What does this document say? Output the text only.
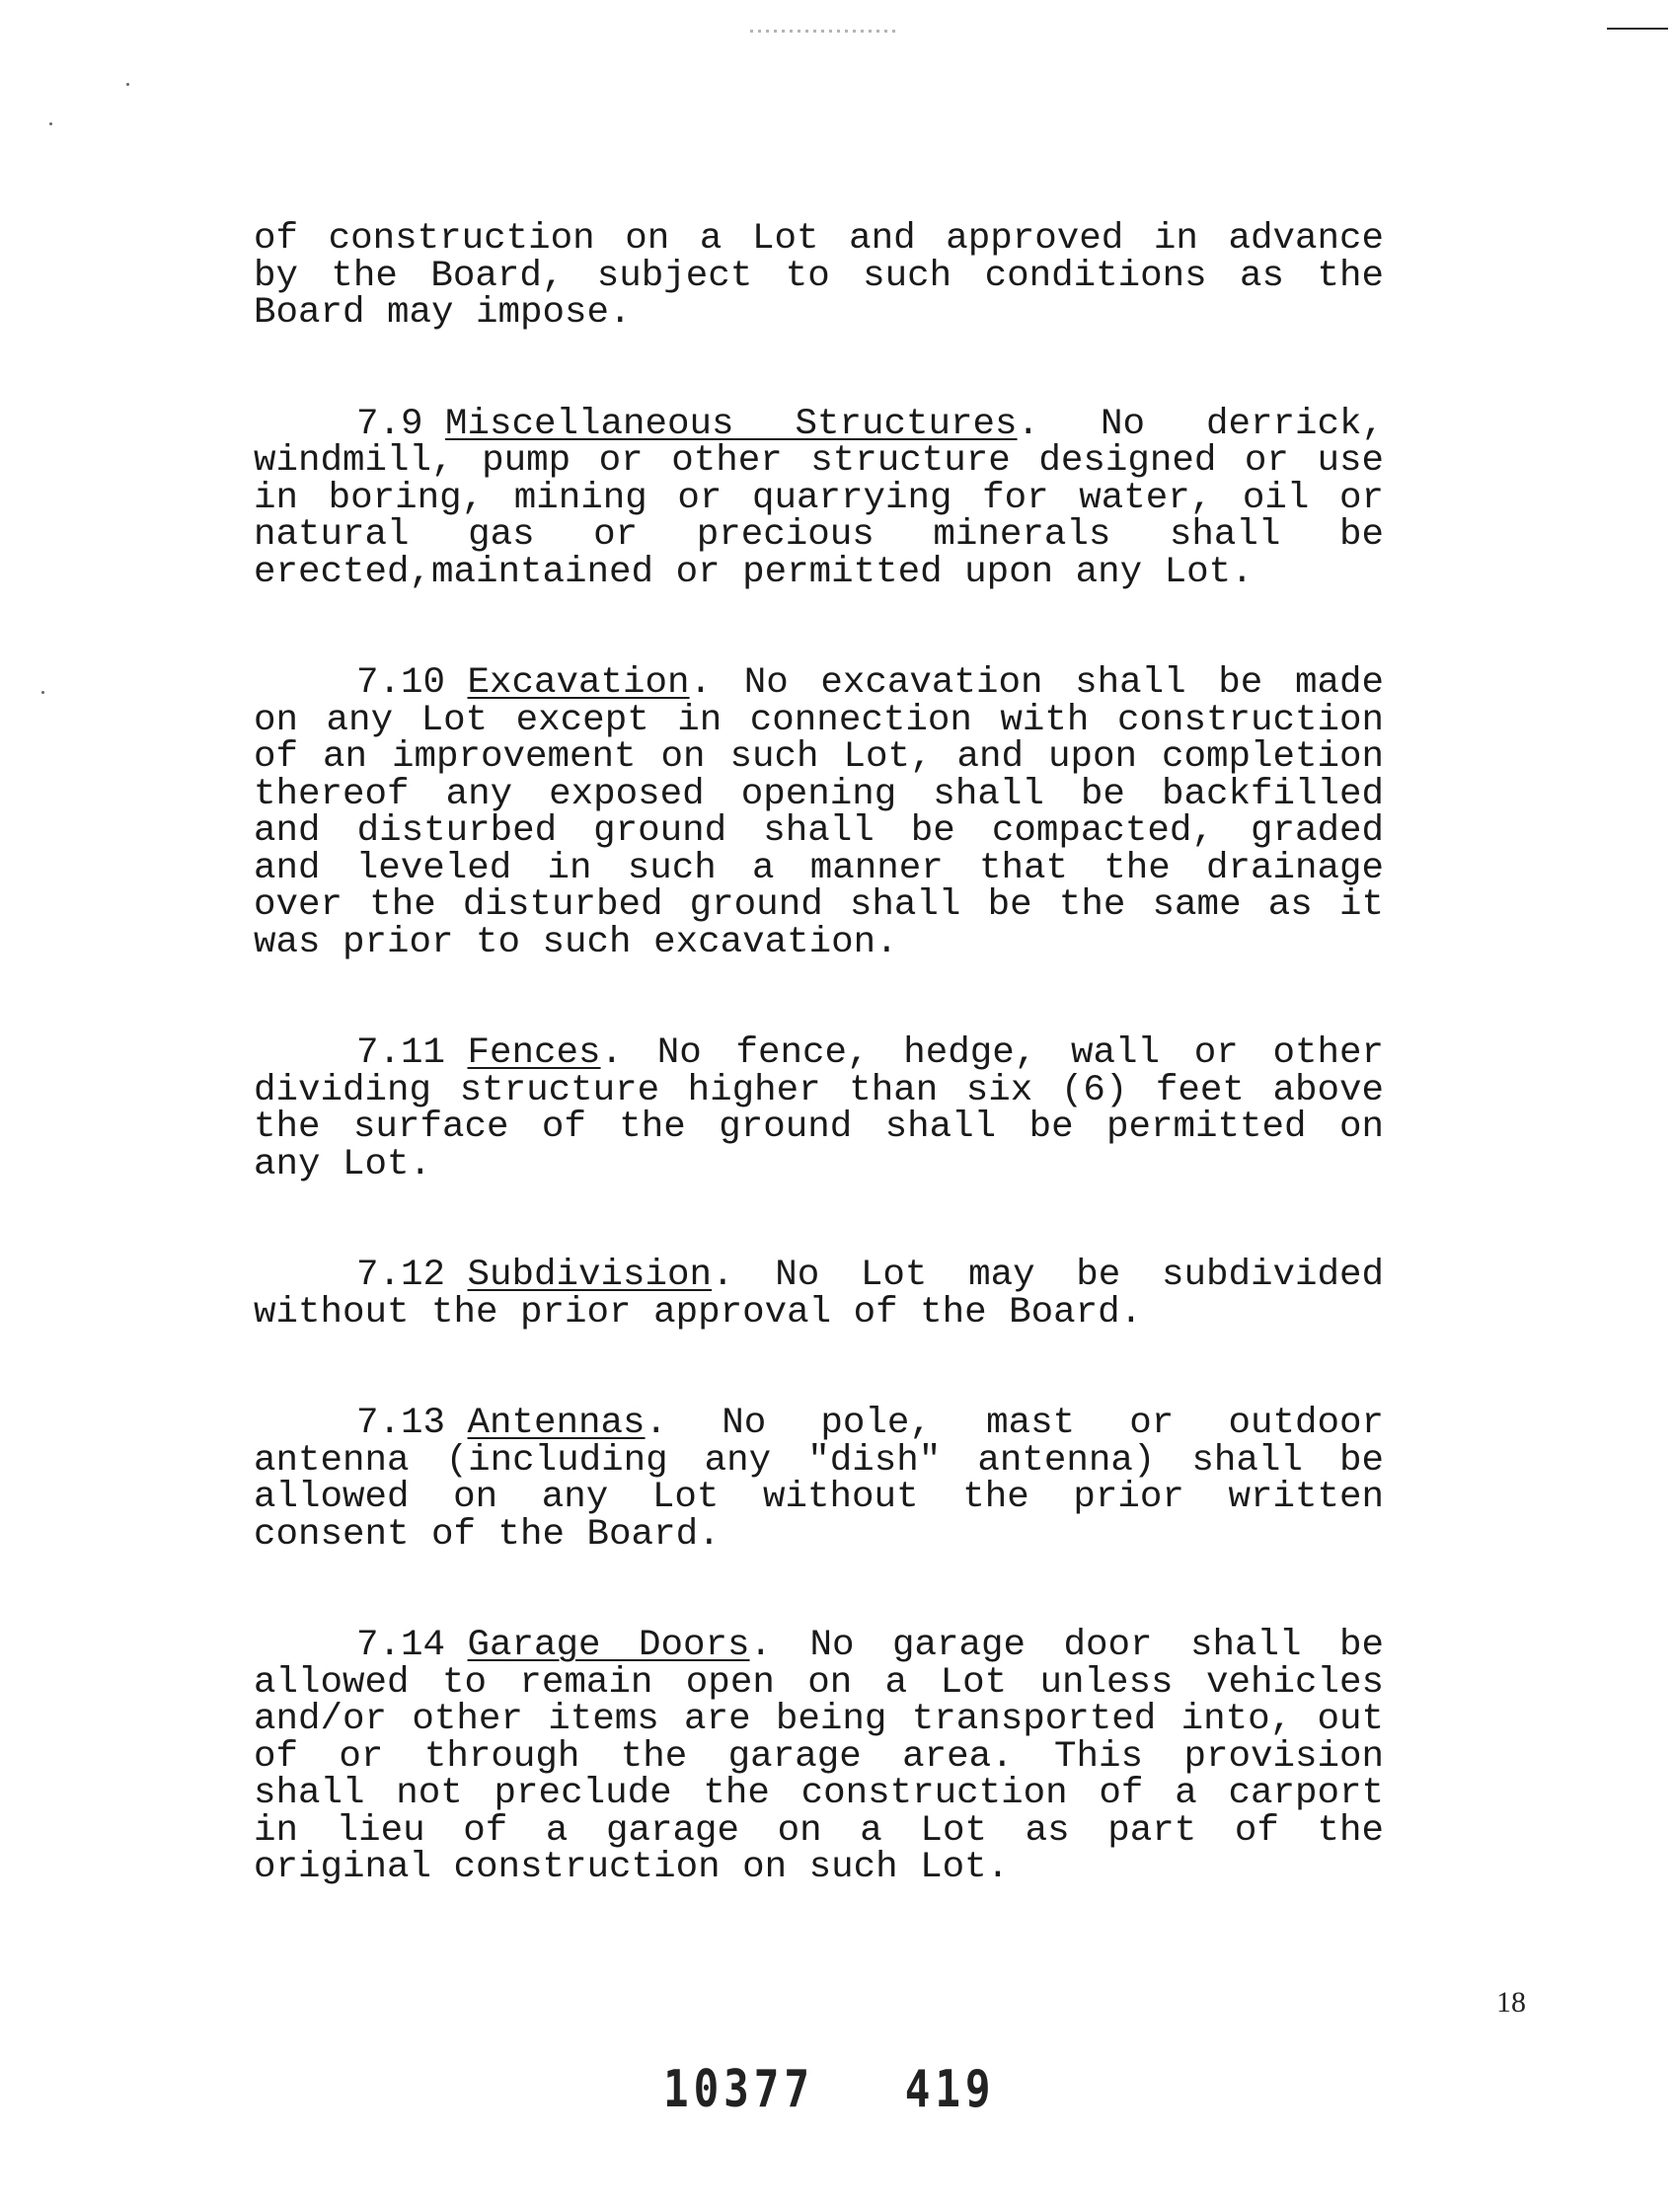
of construction on a Lot and approved in advance by the Board, subject to such conditions as the Board may impose.

7.9 Miscellaneous Structures. No derrick, windmill, pump or other structure designed or use in boring, mining or quarrying for water, oil or natural gas or precious minerals shall be erected,maintained or permitted upon any Lot.

7.10 Excavation. No excavation shall be made on any Lot except in connection with construction of an improvement on such Lot, and upon completion thereof any exposed opening shall be backfilled and disturbed ground shall be compacted, graded and leveled in such a manner that the drainage over the disturbed ground shall be the same as it was prior to such excavation.

7.11 Fences. No fence, hedge, wall or other dividing structure higher than six (6) feet above the surface of the ground shall be permitted on any Lot.

7.12 Subdivision. No Lot may be subdivided without the prior approval of the Board.

7.13 Antennas. No pole, mast or outdoor antenna (including any "dish" antenna) shall be allowed on any Lot without the prior written consent of the Board.

7.14 Garage Doors. No garage door shall be allowed to remain open on a Lot unless vehicles and/or other items are being transported into, out of or through the garage area. This provision shall not preclude the construction of a carport in lieu of a garage on a Lot as part of the original construction on such Lot.

18
10377   419
